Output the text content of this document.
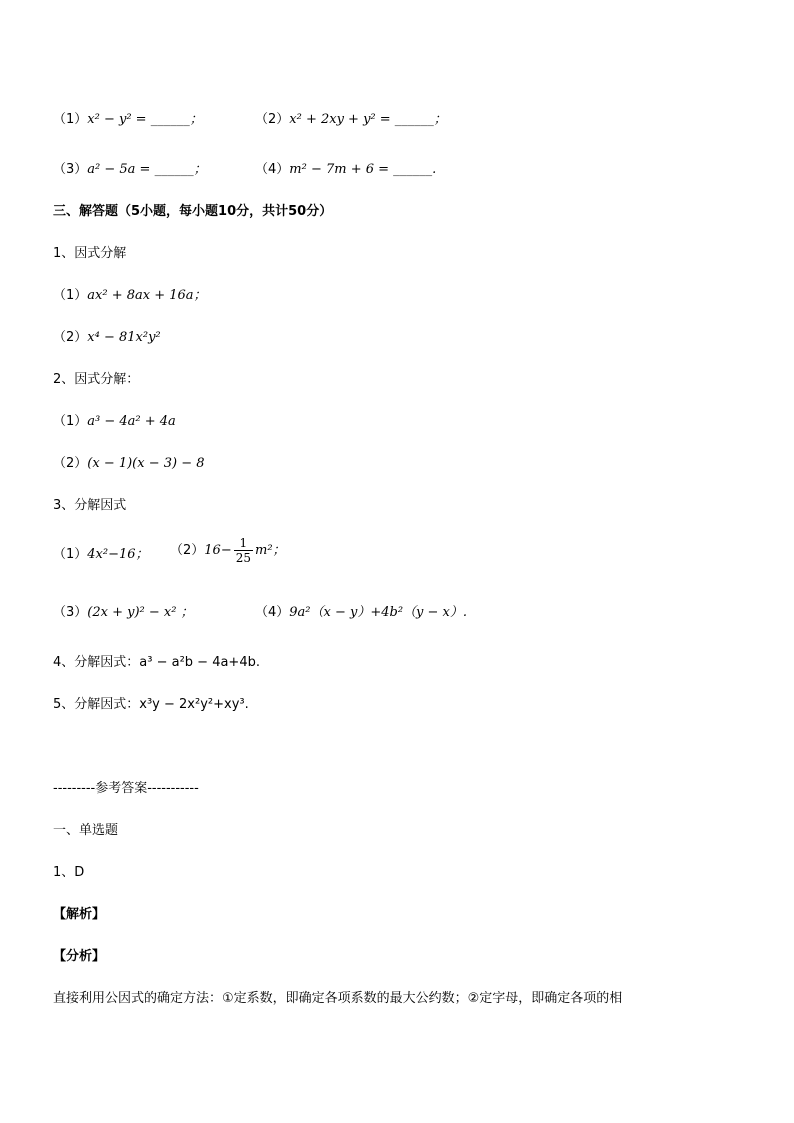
（1）x² − y² = ______；	（2）x² + 2xy + y² = ______；
（3）a² − 5a = ______；	（4）m² − 7m + 6 = ______.
三、解答题（5小题，每小题10分，共计50分）
1、因式分解
（1）ax² + 8ax + 16a；
（2）x⁴ − 81x²y²
2、因式分解：
（1）a³ − 4a² + 4a
（2）(x − 1)(x − 3) − 8
3、分解因式
（1）4x²−16； $(2)16- \frac{1}{25} m^2$；
（3）(2x + y)² − x² ；	（4）9a²（x − y）+4b²（y − x）.
4、分解因式：a³ − a²b − 4a+4b.
5、分解因式：x³y − 2x²y²+xy³.
---------参考答案-----------
一、单选题
1、D
【解析】
【分析】
直接利用公因式的确定方法：①定系数，即确定各项系数的最大公约数；②定字母，即确定各项的相
